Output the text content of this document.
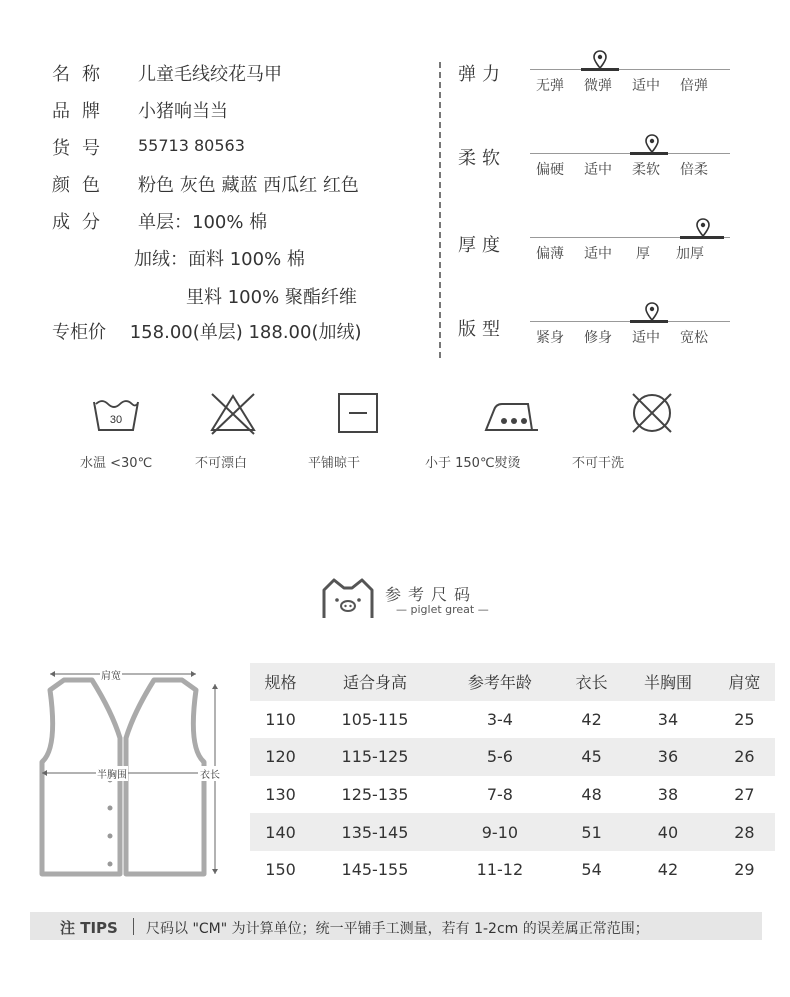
名称 儿童毛线绞花马甲
品牌 小猪响当当
货号 55713 80563
颜色 粉色 灰色 藏蓝 西瓜红 红色
成分 单层：100% 棉
加绒：面料 100% 棉
里料 100% 聚酯纤维
专柜价 158.00(单层) 188.00(加绒)
弹力
无弹 微弹 适中 倍弹
柔软
偏硬 适中 柔软 倍柔
厚度 偏薄 适中 厚 加厚
版型 紧身 修身 适中 宽松
30
水温 <30℃	不可漂白	平铺晾干	小于 150℃熨烫	不可干洗
参考尺码
— piglet great —
肩宽
半胸围	衣长
规格	适合身高	参考年龄	衣长	半胸围	肩宽
110	105-115	3-4	42	34	25
120	115-125	5-6	45	36	26
130	125-135	7-8	48	38	27
140	135-145	9-10	51	40	28
150	145-155	11-12	54	42	29
注 TIPS 尺码以 "CM" 为计算单位；统一平铺手工测量，若有 1-2cm 的误差属正常范围；
